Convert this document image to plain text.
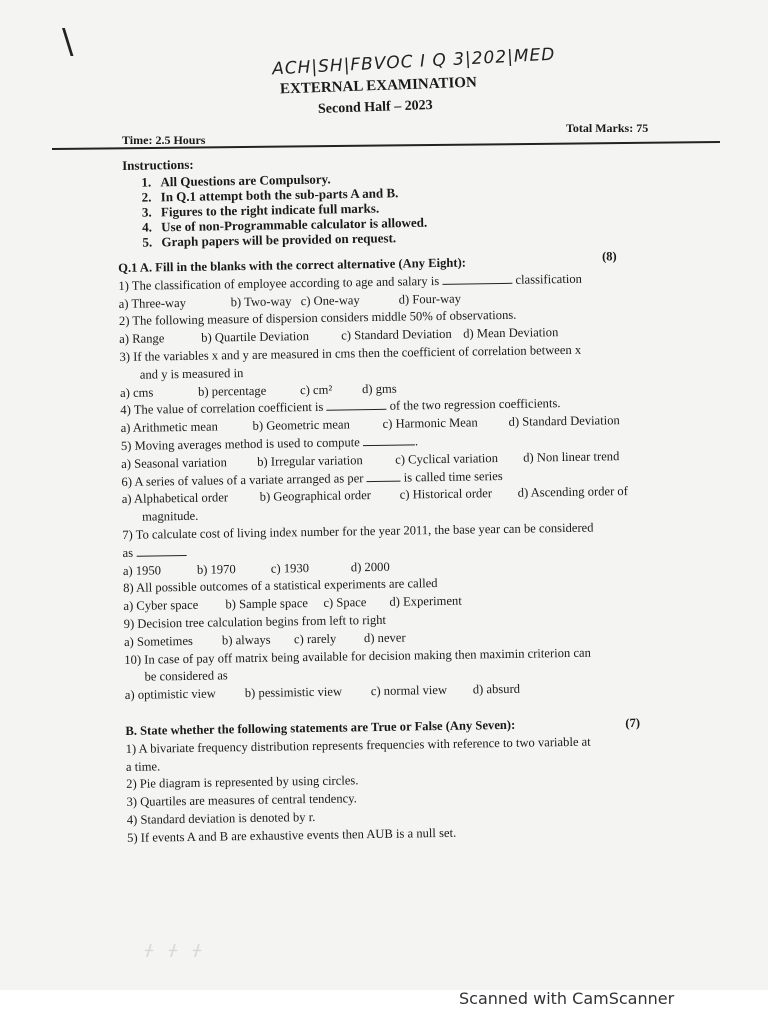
\	ACH|SH|FBVOC I Q 3|202|MED
EXTERNAL EXAMINATION
Second Half – 2023
Time: 2.5 Hours
Total Marks: 75
Instructions:
1. All Questions are Compulsory.
2. In Q.1 attempt both the sub-parts A and B.
3. Figures to the right indicate full marks.
4. Use of non-Programmable calculator is allowed.
5. Graph papers will be provided on request.
Q.1 A. Fill in the blanks with the correct alternative (Any Eight):	(8)
1) The classification of employee according to age and salary is	classification
a) Three-way	b) Two-way c) One-way	d) Four-way
2) The following measure of dispersion considers middle 50% of observations.
a) Range	b) Quartile Deviation	c) Standard Deviation d) Mean Deviation
3) If the variables x and y are measured in cms then the coefficient of correlation between x
and y is measured in
a) cms	b) percentage	c) cm² d) gms
4) The value of correlation coefficient is	of the two regression coefficients.
a) Arithmetic mean	b) Geometric mean	c) Harmonic Mean d) Standard Deviation
5) Moving averages method is used to compute	.
a) Seasonal variation b) Irregular variation	c) Cyclical variation d) Non linear trend
6) A series of values of a variate arranged as per	is called time series
a) Alphabetical order b) Geographical order c) Historical order d) Ascending order of
magnitude.
7) To calculate cost of living index number for the year 2011, the base year can be considered
as
a) 1950	b) 1970	c) 1930	d) 2000
8) All possible outcomes of a statistical experiments are called
a) Cyber space b) Sample space c) Space d) Experiment
9) Decision tree calculation begins from left to right
a) Sometimes b) always c) rarely d) never
10) In case of pay off matrix being available for decision making then maximin criterion can
be considered as
a) optimistic view b) pessimistic view c) normal view d) absurd
B. State whether the following statements are True or False (Any Seven):	(7)
1) A bivariate frequency distribution represents frequencies with reference to two variable at
a time.
2) Pie diagram is represented by using circles.
3) Quartiles are measures of central tendency.
4) Standard deviation is denoted by r.
5) If events A and B are exhaustive events then AUB is a null set.
ᚋ ᚋ ᚋ
Scanned with CamScanner
